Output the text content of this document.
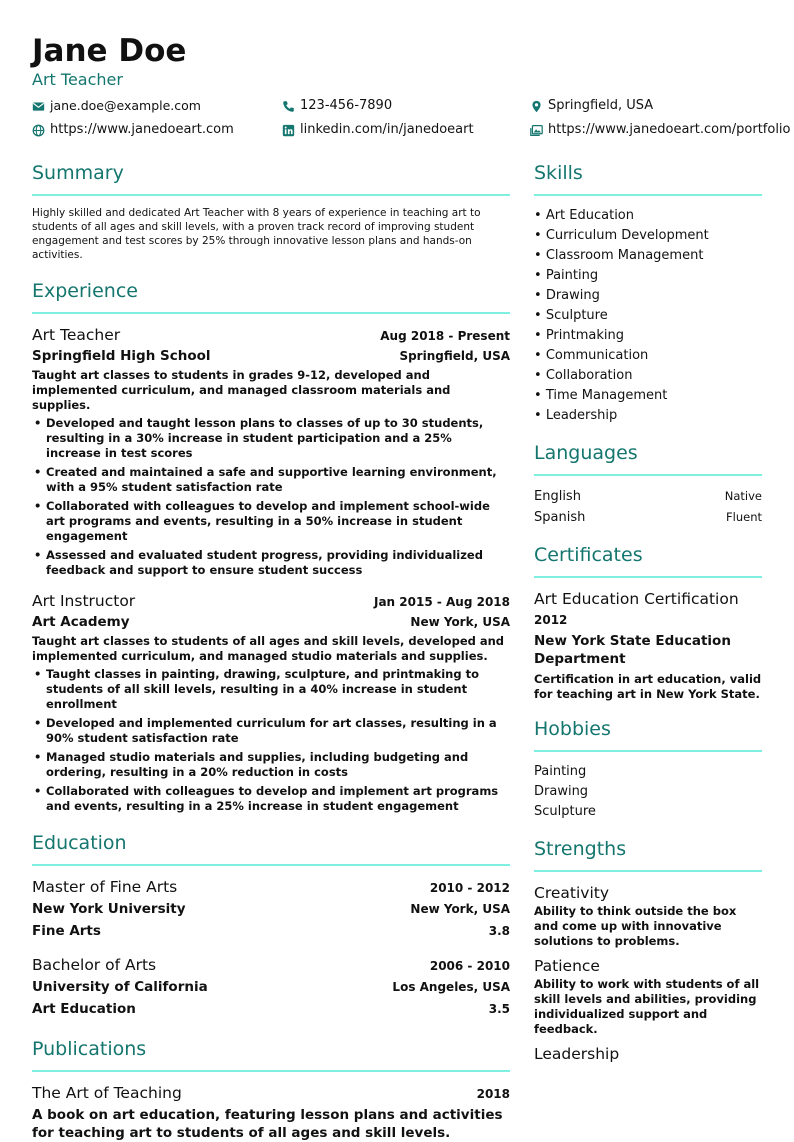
Jane Doe
Art Teacher
jane.doe@example.com	123-456-7890	Springfield, USA
https://www.janedoeart.com	linkedin.com/in/janedoeart	https://www.janedoeart.com/portfolio
Summary
Highly skilled and dedicated Art Teacher with 8 years of experience in teaching art to students of all ages and skill levels, with a proven track record of improving student engagement and test scores by 25% through innovative lesson plans and hands-on activities.
Experience
Art Teacher	Aug 2018 - Present
Springfield High School	Springfield, USA
Taught art classes to students in grades 9-12, developed and implemented curriculum, and managed classroom materials and supplies.
• Developed and taught lesson plans to classes of up to 30 students, resulting in a 30% increase in student participation and a 25% increase in test scores
• Created and maintained a safe and supportive learning environment, with a 95% student satisfaction rate
• Collaborated with colleagues to develop and implement school-wide art programs and events, resulting in a 50% increase in student engagement
• Assessed and evaluated student progress, providing individualized feedback and support to ensure student success
Art Instructor	Jan 2015 - Aug 2018
Art Academy	New York, USA
Taught art classes to students of all ages and skill levels, developed and implemented curriculum, and managed studio materials and supplies.
• Taught classes in painting, drawing, sculpture, and printmaking to students of all skill levels, resulting in a 40% increase in student enrollment
• Developed and implemented curriculum for art classes, resulting in a 90% student satisfaction rate
• Managed studio materials and supplies, including budgeting and ordering, resulting in a 20% reduction in costs
• Collaborated with colleagues to develop and implement art programs and events, resulting in a 25% increase in student engagement
Education
Master of Fine Arts	2010 - 2012
New York University	New York, USA
Fine Arts	3.8
Bachelor of Arts	2006 - 2010
University of California	Los Angeles, USA
Art Education	3.5
Publications
The Art of Teaching	2018
A book on art education, featuring lesson plans and activities for teaching art to students of all ages and skill levels.
Skills
• Art Education
• Curriculum Development
• Classroom Management
• Painting
• Drawing
• Sculpture
• Printmaking
• Communication
• Collaboration
• Time Management
• Leadership
Languages
English	Native
Spanish	Fluent
Certificates
Art Education Certification
2012
New York State Education Department
Certification in art education, valid for teaching art in New York State.
Hobbies
Painting
Drawing
Sculpture
Strengths
Creativity
Ability to think outside the box and come up with innovative solutions to problems.
Patience
Ability to work with students of all skill levels and abilities, providing individualized support and feedback.
Leadership
